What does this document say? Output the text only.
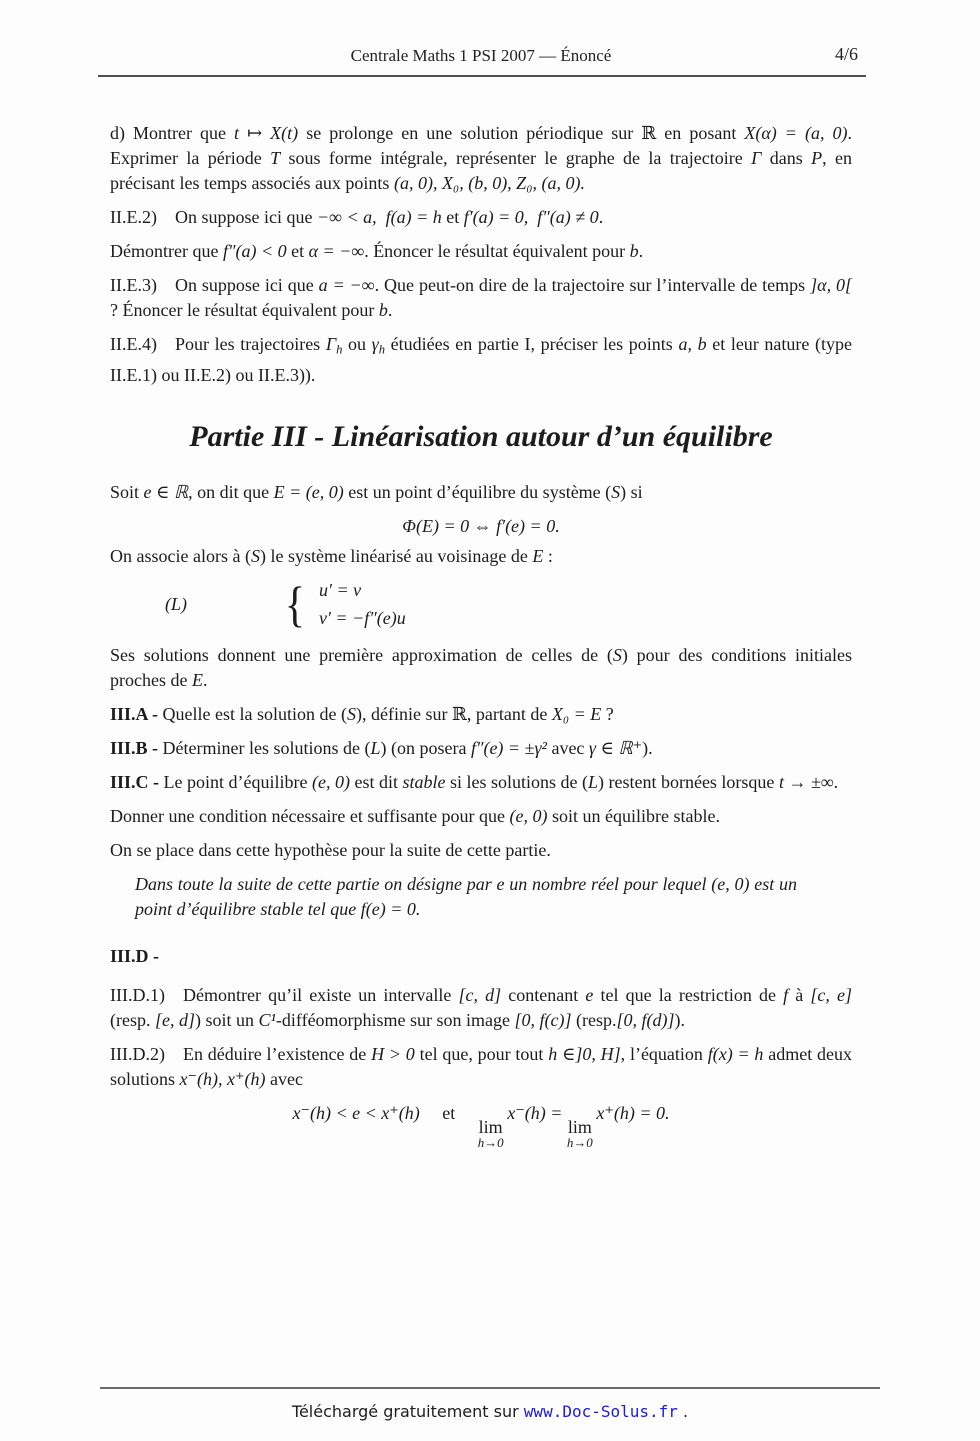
Centrale Maths 1 PSI 2007 — Énoncé	4/6
d) Montrer que t ↦ X(t) se prolonge en une solution périodique sur ℝ en posant X(α) = (a, 0). Exprimer la période T sous forme intégrale, représenter le graphe de la trajectoire Γ dans P, en précisant les temps associés aux points (a, 0), X₀, (b, 0), Z₀, (a, 0).
II.E.2) On suppose ici que −∞ < a, f(a) = h et f′(a) = 0, f″(a) ≠ 0.
Démontrer que f″(a) < 0 et α = −∞. Énoncer le résultat équivalent pour b.
II.E.3) On suppose ici que a = −∞. Que peut-on dire de la trajectoire sur l’intervalle de temps ]α, 0[ ? Énoncer le résultat équivalent pour b.
II.E.4) Pour les trajectoires Γh ou γh étudiées en partie I, préciser les points a, b et leur nature (type II.E.1) ou II.E.2) ou II.E.3)).
Partie III - Linéarisation autour d’un équilibre
Soit e ∈ ℝ, on dit que E = (e, 0) est un point d’équilibre du système (S) si
Φ(E) = 0 ⇔ f′(e) = 0.
On associe alors à (S) le système linéarisé au voisinage de E :
(L)	{ u′ = v
v′ = −f″(e)u
Ses solutions donnent une première approximation de celles de (S) pour des conditions initiales proches de E.
III.A - Quelle est la solution de (S), définie sur ℝ, partant de X₀ = E ?
III.B - Déterminer les solutions de (L) (on posera f″(e) = ±γ² avec γ ∈ ℝ⁺).
III.C - Le point d’équilibre (e, 0) est dit stable si les solutions de (L) restent bornées lorsque t → ±∞.
Donner une condition nécessaire et suffisante pour que (e, 0) soit un équilibre stable.
On se place dans cette hypothèse pour la suite de cette partie.
Dans toute la suite de cette partie on désigne par e un nombre réel pour lequel (e, 0) est un point d’équilibre stable tel que f(e) = 0.
III.D -
III.D.1) Démontrer qu’il existe un intervalle [c, d] contenant e tel que la restriction de f à [c, e] (resp. [e, d]) soit un C¹-difféomorphisme sur son image [0, f(c)] (resp.[0, f(d)]).
III.D.2) En déduire l’existence de H > 0 tel que, pour tout h ∈]0, H], l’équation f(x) = h admet deux solutions x⁻(h), x⁺(h) avec
x⁻(h) < e < x⁺(h)  et  
lim
h→0
 x⁻(h) =
lim
h→0
 x⁺(h) = 0.
Téléchargé gratuitement sur www.Doc-Solus.fr .
